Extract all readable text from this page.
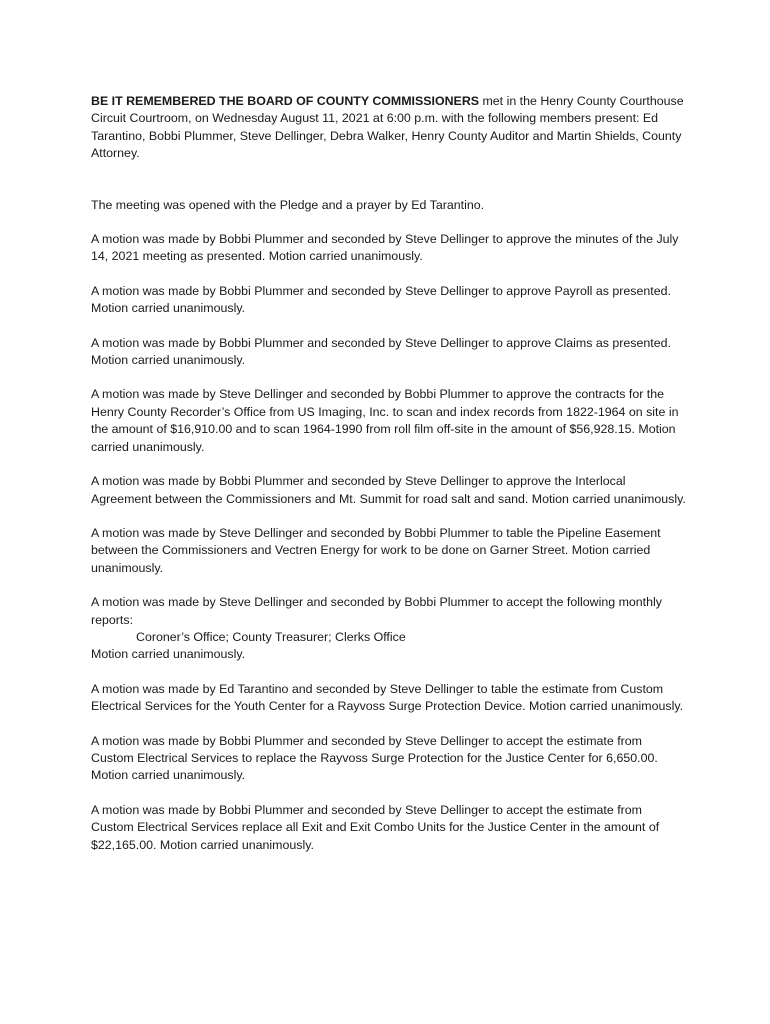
BE IT REMEMBERED THE BOARD OF COUNTY COMMISSIONERS met in the Henry County Courthouse Circuit Courtroom, on Wednesday August 11, 2021 at 6:00 p.m. with the following members present: Ed Tarantino, Bobbi Plummer, Steve Dellinger, Debra Walker, Henry County Auditor and Martin Shields, County Attorney.

The meeting was opened with the Pledge and a prayer by Ed Tarantino.

A motion was made by Bobbi Plummer and seconded by Steve Dellinger to approve the minutes of the July 14, 2021 meeting as presented. Motion carried unanimously.

A motion was made by Bobbi Plummer and seconded by Steve Dellinger to approve Payroll as presented. Motion carried unanimously.

A motion was made by Bobbi Plummer and seconded by Steve Dellinger to approve Claims as presented. Motion carried unanimously.

A motion was made by Steve Dellinger and seconded by Bobbi Plummer to approve the contracts for the Henry County Recorder’s Office from US Imaging, Inc. to scan and index records from 1822-1964 on site in the amount of $16,910.00 and to scan 1964-1990 from roll film off-site in the amount of $56,928.15. Motion carried unanimously.

A motion was made by Bobbi Plummer and seconded by Steve Dellinger to approve the Interlocal Agreement between the Commissioners and Mt. Summit for road salt and sand. Motion carried unanimously.

A motion was made by Steve Dellinger and seconded by Bobbi Plummer to table the Pipeline Easement between the Commissioners and Vectren Energy for work to be done on Garner Street. Motion carried unanimously.

A motion was made by Steve Dellinger and seconded by Bobbi Plummer to accept the following monthly reports:
Coroner’s Office; County Treasurer; Clerks Office
Motion carried unanimously.

A motion was made by Ed Tarantino and seconded by Steve Dellinger to table the estimate from Custom Electrical Services for the Youth Center for a Rayvoss Surge Protection Device. Motion carried unanimously.

A motion was made by Bobbi Plummer and seconded by Steve Dellinger to accept the estimate from Custom Electrical Services to replace the Rayvoss Surge Protection for the Justice Center for 6,650.00. Motion carried unanimously.

A motion was made by Bobbi Plummer and seconded by Steve Dellinger to accept the estimate from Custom Electrical Services replace all Exit and Exit Combo Units for the Justice Center in the amount of $22,165.00. Motion carried unanimously.
